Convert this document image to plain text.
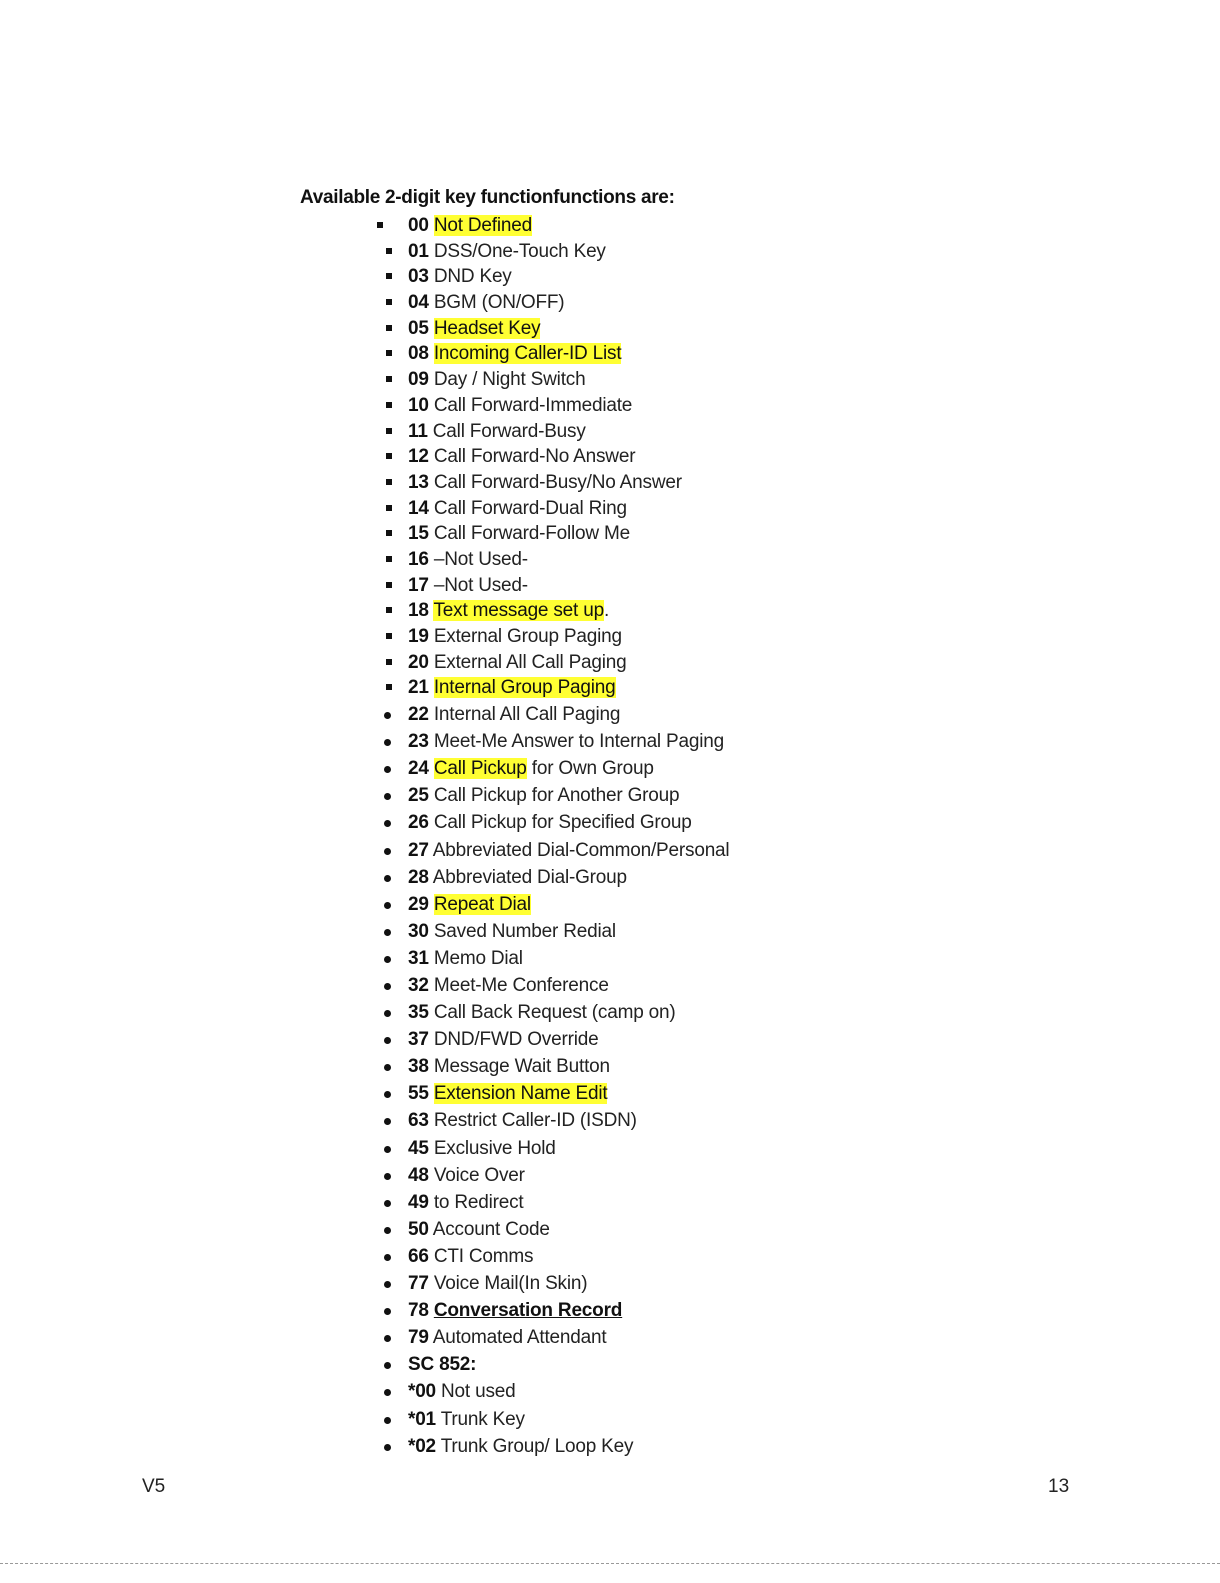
Available 2-digit key functionfunctions are:
00 Not Defined
01 DSS/One-Touch Key
03 DND Key
04 BGM (ON/OFF)
05 Headset Key
08 Incoming Caller-ID List
09 Day / Night Switch
10 Call Forward-Immediate
11 Call Forward-Busy
12 Call Forward-No Answer
13 Call Forward-Busy/No Answer
14 Call Forward-Dual Ring
15 Call Forward-Follow Me
16 –Not Used-
17 –Not Used-
18 Text message set up.
19 External Group Paging
20 External All Call Paging
21 Internal Group Paging
22 Internal All Call Paging
23 Meet-Me Answer to Internal Paging
24 Call Pickup for Own Group
25 Call Pickup for Another Group
26 Call Pickup for Specified Group
27 Abbreviated Dial-Common/Personal
28 Abbreviated Dial-Group
29 Repeat Dial
30 Saved Number Redial
31 Memo Dial
32 Meet-Me Conference
35 Call Back Request (camp on)
37 DND/FWD Override
38 Message Wait Button
55 Extension Name Edit
63 Restrict Caller-ID (ISDN)
45 Exclusive Hold
48 Voice Over
49 to Redirect
50 Account Code
66 CTI Comms
77 Voice Mail(In Skin)
78 Conversation Record
79 Automated Attendant
SC 852:
*00 Not used
*01 Trunk Key
*02 Trunk Group/ Loop Key
V5	13
